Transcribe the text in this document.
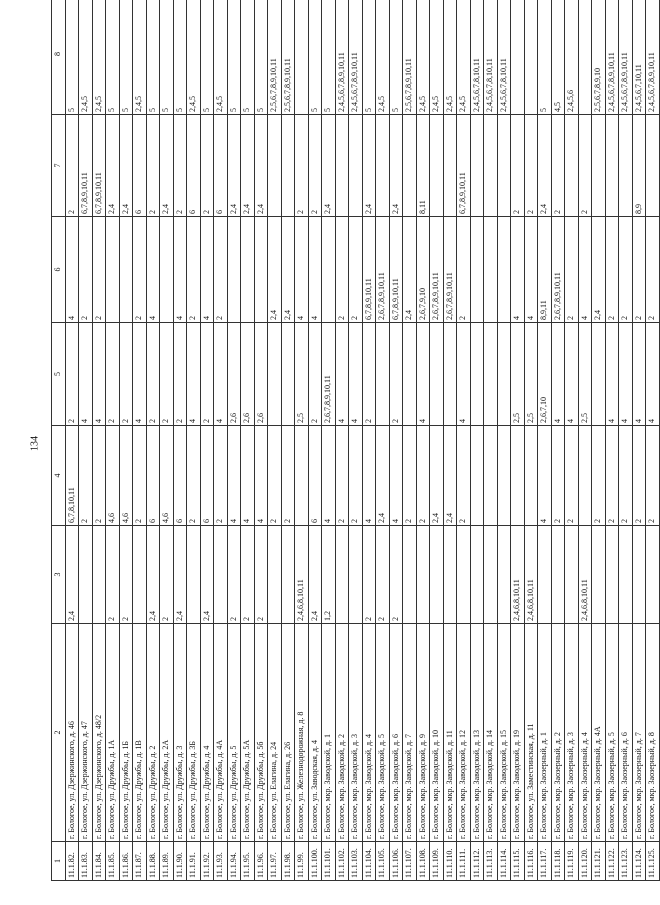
134
1	2	3	4	5	6	7	8
11.1.82.	г. Бологое, ул. Дзержинского, д. 46	2,4	6,7,8,10,11	2	4	2	5
11.1.83.	г. Бологое, ул. Дзержинского, д. 47		2	4	2	6,7,8,9,10,11	2,4,5
11.1.84.	г. Бологое, ул. Дзержинского, д. 48/2		2	4	2	6,7,8,9,10,11	2,4,5
11.1.85.	г. Бологое, ул. Дружбы, д. 1А	2	4,6	2		2,4	5
11.1.86.	г. Бологое, ул. Дружбы, д. 1Б	2	4,6	2		2,4	5
11.1.87.	г. Бологое, ул. Дружбы, д. 1В		2	4	2	6	2,4,5
11.1.88.	г. Бологое, ул. Дружбы, д. 2	2,4	6	2	4	2	5
11.1.89.	г. Бологое, ул. Дружбы, д. 2А	2	4,6	2		2,4	5
11.1.90.	г. Бологое, ул. Дружбы, д. 3	2,4	6	2	4	2	5
11.1.91.	г. Бологое, ул. Дружбы, д. 3Б		2	4	2	6	2,4,5
11.1.92.	г. Бологое, ул. Дружбы, д. 4	2,4	6	2	4	2	5
11.1.93.	г. Бологое, ул. Дружбы, д. 4А		2	4	2	6	2,4,5
11.1.94.	г. Бологое, ул. Дружбы, д. 5	2	4	2,6		2,4	5
11.1.95.	г. Бологое, ул. Дружбы, д. 5А	2	4	2,6		2,4	5
11.1.96.	г. Бологое, ул. Дружбы, д. 5б	2	4	2,6		2,4	5
11.1.97.	г. Бологое, ул. Елагина, д. 24		2		2,4		2,5,6,7,8,9,10,11
11.1.98.	г. Бологое, ул. Елагина, д. 26		2		2,4		2,5,6,7,8,9,10,11
11.1.99.	г. Бологое, ул. Железнодорожная, д. 8	2,4,6,8,10,11		2,5	4	2	
11.1.100.	г. Бологое, ул. Заводская, д. 4	2,4	6	2	4	2	5
11.1.101.	г. Бологое, мкр. Заводской, д. 1	1,2	4	2,6,7,8,9,10,11		2,4	5
11.1.102.	г. Бологое, мкр. Заводской, д. 2		2	4	2		2,4,5,6,7,8,9,10,11
11.1.103.	г. Бологое, мкр. Заводской, д. 3		2	4	2		2,4,5,6,7,8,9,10,11
11.1.104.	г. Бологое, мкр. Заводской, д. 4	2	4	2	6,7,8,9,10,11	2,4	5
11.1.105.	г. Бологое, мкр. Заводской, д. 5	2	2,4		2,6,7,8,9,10,11		2,4,5
11.1.106.	г. Бологое, мкр. Заводской, д. 6	2	4	2	6,7,8,9,10,11	2,4	5
11.1.107.	г. Бологое, мкр. Заводской, д. 7		2		2,4		2,5,6,7,8,9,10,11
11.1.108.	г. Бологое, мкр. Заводской, д. 9		2	4	2,6,7,9,10	8,11	2,4,5
11.1.109.	г. Бологое, мкр. Заводской, д. 10		2,4		2,6,7,8,9,10,11		2,4,5
11.1.110.	г. Бологое, мкр. Заводской, д. 11		2,4		2,6,7,8,9,10,11		2,4,5
11.1.111.	г. Бологое, мкр. Заводской, д. 12		2	4	2	6,7,8,9,10,11	2,4,5
11.1.112.	г. Бологое, мкр. Заводской, д. 13						2,4,5,6,7,8,10,11
11.1.113.	г. Бологое, мкр. Заводской, д. 14						2,4,5,6,7,8,10,11
11.1.114.	г. Бологое, мкр. Заводской, д. 15						2,4,5,6,7,8,10,11
11.1.115.	г. Бологое, мкр. Заводской, д. 19	2,4,6,8,10,11		2,5	4	2	
11.1.116.	г. Бологое, ул. Заместинская, д. 11	2,4,6,8,10,11		2,5	4	2	
11.1.117.	г. Бологое, мкр. Заозерный, д. 1		4	2,6,7,10	8,9,11	2,4	5
11.1.118.	г. Бологое, мкр. Заозерный, д. 2		2	4	2,6,7,8,9,10,11	2	4,5
11.1.119.	г. Бологое, мкр. Заозерный, д. 3		2	4	2		2,4,5,6
11.1.120.	г. Бологое, мкр. Заозерный, д. 4	2,4,6,8,10,11		2,5	4	2	
11.1.121.	г. Бологое, мкр. Заозерный, д. 4А		2		2,4		2,5,6,7,8,9,10
11.1.122.	г. Бологое, мкр. Заозерный, д. 5		2	4	2		2,4,5,6,7,8,9,10,11
11.1.123.	г. Бологое, мкр. Заозерный, д. 6		2	4	2		2,4,5,6,7,8,9,10,11
11.1.124.	г. Бологое, мкр. Заозерный, д. 7		2	4	2	8,9	2,4,5,6,7,10,11
11.1.125.	г. Бологое, мкр. Заозерный, д. 8		2	4	2		2,4,5,6,7,8,9,10,11
